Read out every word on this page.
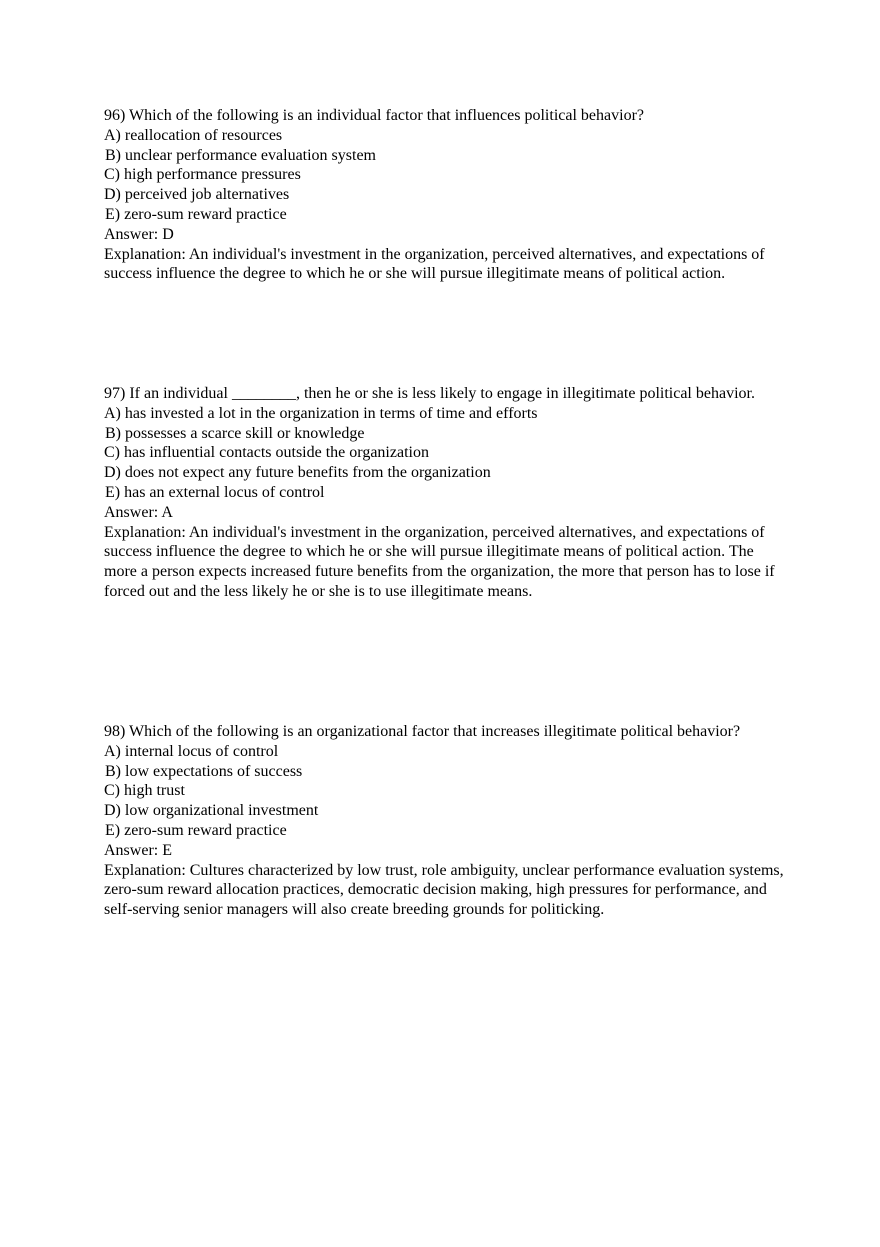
96) Which of the following is an individual factor that influences political behavior?
A) reallocation of resources
B) unclear performance evaluation system
C) high performance pressures
D) perceived job alternatives
E) zero-sum reward practice
Answer: D
Explanation: An individual's investment in the organization, perceived alternatives, and expectations of success influence the degree to which he or she will pursue illegitimate means of political action.
97) If an individual ________, then he or she is less likely to engage in illegitimate political behavior.
A) has invested a lot in the organization in terms of time and efforts
B) possesses a scarce skill or knowledge
C) has influential contacts outside the organization
D) does not expect any future benefits from the organization
E) has an external locus of control
Answer: A
Explanation: An individual's investment in the organization, perceived alternatives, and expectations of success influence the degree to which he or she will pursue illegitimate means of political action. The more a person expects increased future benefits from the organization, the more that person has to lose if forced out and the less likely he or she is to use illegitimate means.
98) Which of the following is an organizational factor that increases illegitimate political behavior?
A) internal locus of control
B) low expectations of success
C) high trust
D) low organizational investment
E) zero-sum reward practice
Answer: E
Explanation: Cultures characterized by low trust, role ambiguity, unclear performance evaluation systems, zero-sum reward allocation practices, democratic decision making, high pressures for performance, and self-serving senior managers will also create breeding grounds for politicking.
